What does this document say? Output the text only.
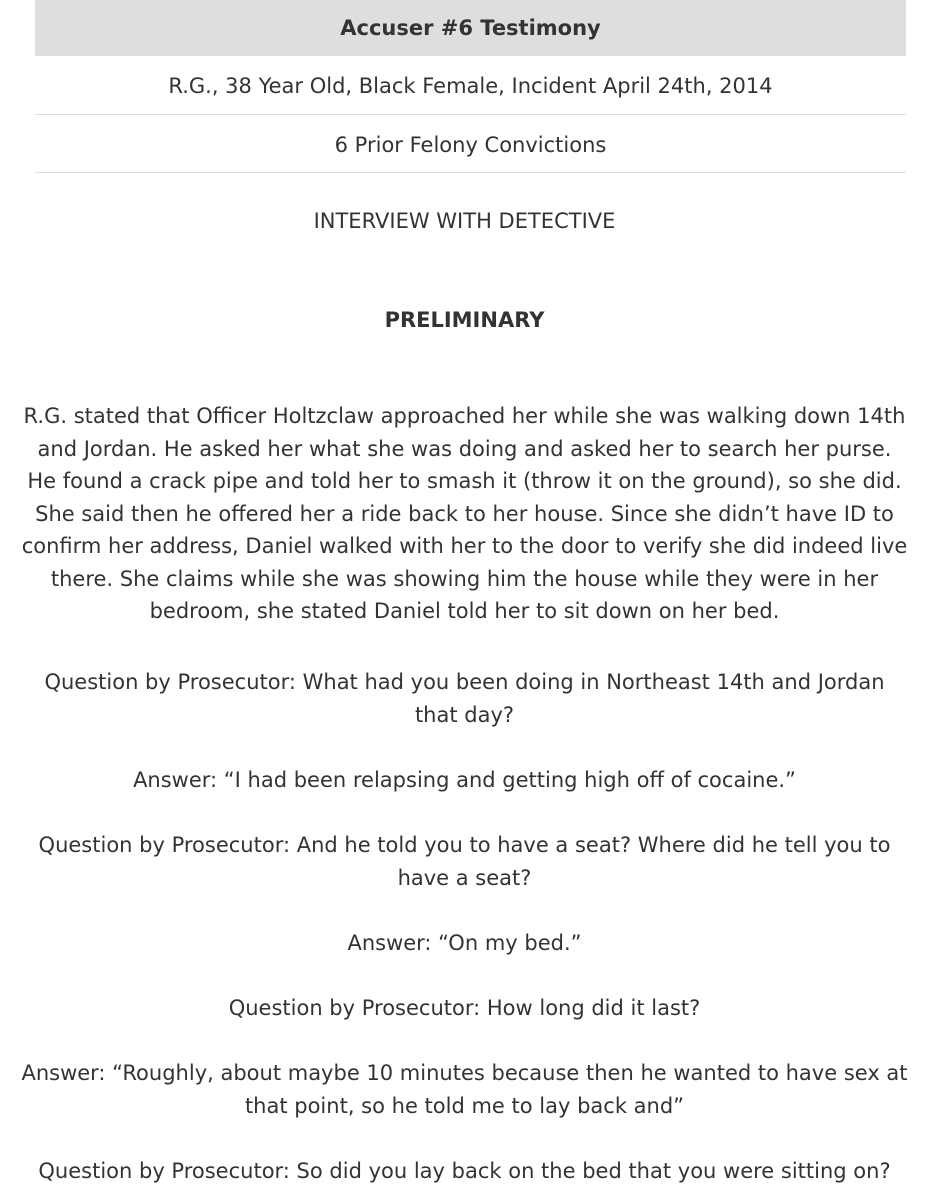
Accuser #6 Testimony
R.G., 38 Year Old, Black Female, Incident April 24th, 2014
6 Prior Felony Convictions

INTERVIEW WITH DETECTIVE

PRELIMINARY

R.G. stated that Officer Holtzclaw approached her while she was walking down 14th and Jordan. He asked her what she was doing and asked her to search her purse. He found a crack pipe and told her to smash it (throw it on the ground), so she did. She said then he offered her a ride back to her house. Since she didn’t have ID to confirm her address, Daniel walked with her to the door to verify she did indeed live there. She claims while she was showing him the house while they were in her bedroom, she stated Daniel told her to sit down on her bed.

Question by Prosecutor: What had you been doing in Northeast 14th and Jordan that day?

Answer: “I had been relapsing and getting high off of cocaine.”

Question by Prosecutor: And he told you to have a seat? Where did he tell you to have a seat?

Answer: “On my bed.”

Question by Prosecutor: How long did it last?

Answer: “Roughly, about maybe 10 minutes because then he wanted to have sex at that point, so he told me to lay back and”

Question by Prosecutor: So did you lay back on the bed that you were sitting on?
